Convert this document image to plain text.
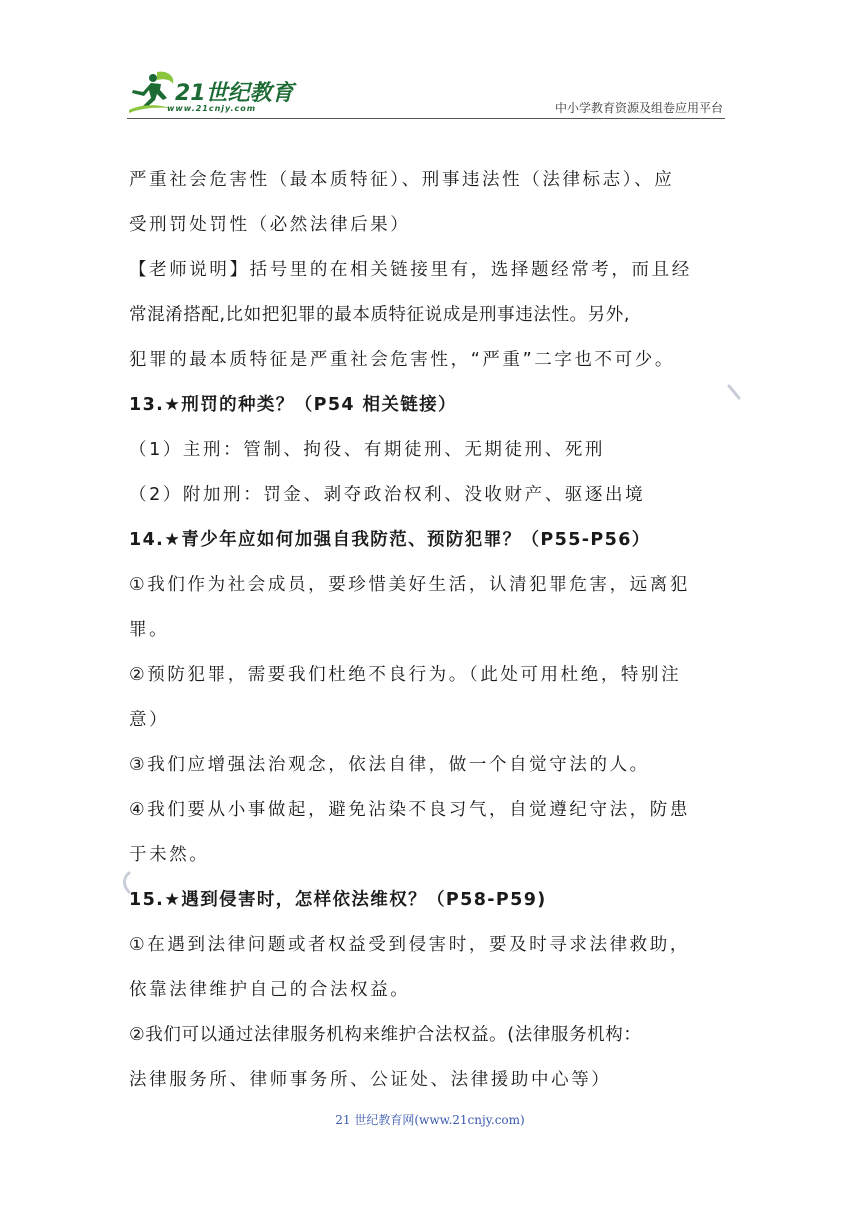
21世纪教育
www.21cnjy.com	中小学教育资源及组卷应用平台
严重社会危害性（最本质特征）、刑事违法性（法律标志）、应
受刑罚处罚性（必然法律后果）
【老师说明】括号里的在相关链接里有，选择题经常考，而且经
常混淆搭配,比如把犯罪的最本质特征说成是刑事违法性。另外,
犯罪的最本质特征是严重社会危害性，“严重”二字也不可少。
13.★刑罚的种类？（P54 相关链接）
（1）主刑：管制、拘役、有期徒刑、无期徒刑、死刑
（2）附加刑：罚金、剥夺政治权利、没收财产、驱逐出境
14.★青少年应如何加强自我防范、预防犯罪？（P55-P56）
①我们作为社会成员，要珍惜美好生活，认清犯罪危害，远离犯
罪。
②预防犯罪，需要我们杜绝不良行为。（此处可用杜绝，特别注
意）
③我们应增强法治观念，依法自律，做一个自觉守法的人。
④我们要从小事做起，避免沾染不良习气，自觉遵纪守法，防患
于未然。
15.★遇到侵害时，怎样依法维权？（P58-P59)
①在遇到法律问题或者权益受到侵害时，要及时寻求法律救助，
依靠法律维护自己的合法权益。
②我们可以通过法律服务机构来维护合法权益。(法律服务机构：
法律服务所、律师事务所、公证处、法律援助中心等）
21 世纪教育网(www.21cnjy.com)
